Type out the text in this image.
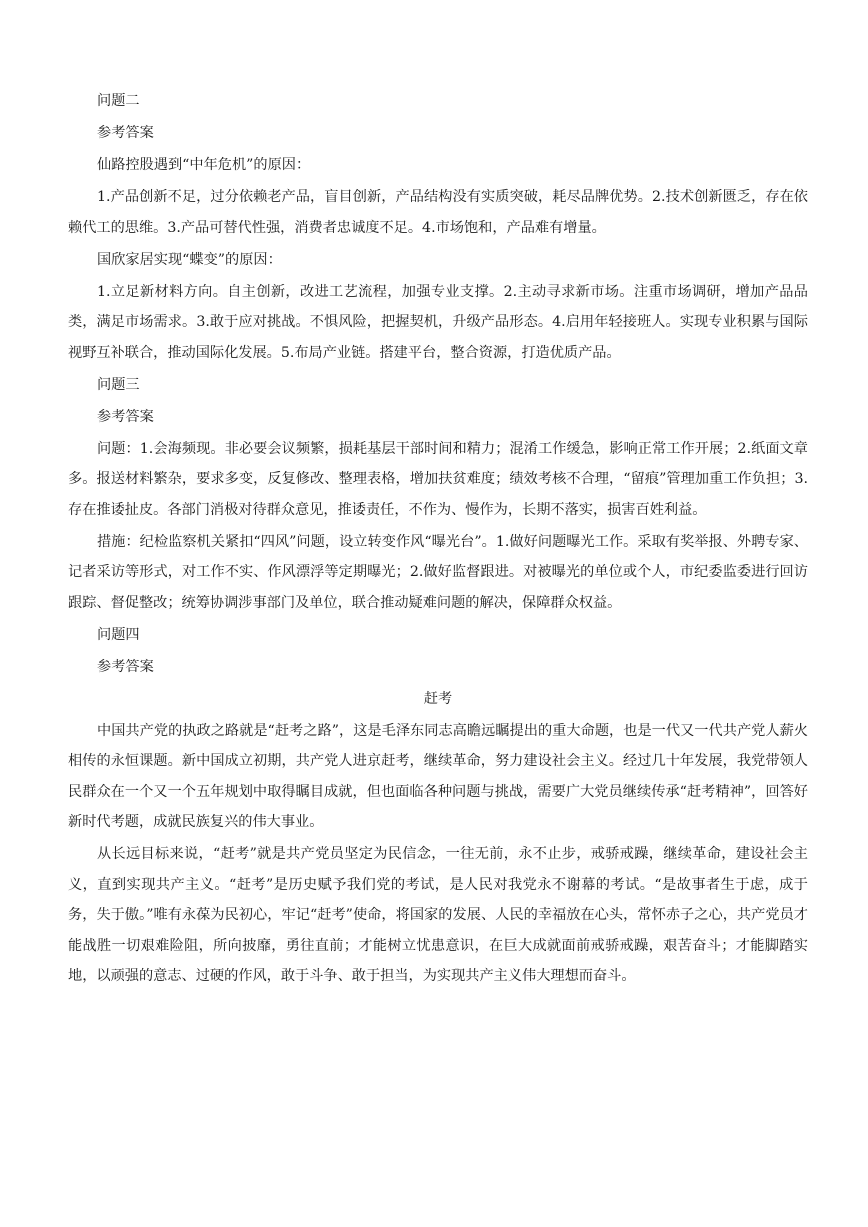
问题二

参考答案

仙路控股遇到“中年危机”的原因：

1.产品创新不足，过分依赖老产品，盲目创新，产品结构没有实质突破，耗尽品牌优势。2.技术创新匮乏，存在依赖代工的思维。3.产品可替代性强，消费者忠诚度不足。4.市场饱和，产品难有增量。

国欣家居实现“蝶变”的原因：

1.立足新材料方向。自主创新，改进工艺流程，加强专业支撑。2.主动寻求新市场。注重市场调研，增加产品品类，满足市场需求。3.敢于应对挑战。不惧风险，把握契机，升级产品形态。4.启用年轻接班人。实现专业积累与国际视野互补联合，推动国际化发展。5.布局产业链。搭建平台，整合资源，打造优质产品。

问题三

参考答案

问题：1.会海频现。非必要会议频繁，损耗基层干部时间和精力；混淆工作缓急，影响正常工作开展；2.纸面文章多。报送材料繁杂，要求多变，反复修改、整理表格，增加扶贫难度；绩效考核不合理，“留痕”管理加重工作负担；3.存在推诿扯皮。各部门消极对待群众意见，推诿责任，不作为、慢作为，长期不落实，损害百姓利益。

措施：纪检监察机关紧扣“四风”问题，设立转变作风“曝光台”。1.做好问题曝光工作。采取有奖举报、外聘专家、记者采访等形式，对工作不实、作风漂浮等定期曝光；2.做好监督跟进。对被曝光的单位或个人，市纪委监委进行回访跟踪、督促整改；统筹协调涉事部门及单位，联合推动疑难问题的解决，保障群众权益。

问题四

参考答案

赶考

中国共产党的执政之路就是“赶考之路”，这是毛泽东同志高瞻远瞩提出的重大命题，也是一代又一代共产党人薪火相传的永恒课题。新中国成立初期，共产党人进京赶考，继续革命，努力建设社会主义。经过几十年发展，我党带领人民群众在一个又一个五年规划中取得瞩目成就，但也面临各种问题与挑战，需要广大党员继续传承“赶考精神”，回答好新时代考题，成就民族复兴的伟大事业。

从长远目标来说，“赶考”就是共产党员坚定为民信念，一往无前，永不止步，戒骄戒躁，继续革命，建设社会主义，直到实现共产主义。“赶考”是历史赋予我们党的考试，是人民对我党永不谢幕的考试。“是故事者生于虑，成于务，失于傲。”唯有永葆为民初心，牢记“赶考”使命，将国家的发展、人民的幸福放在心头，常怀赤子之心，共产党员才能战胜一切艰难险阻，所向披靡，勇往直前；才能树立忧患意识，在巨大成就面前戒骄戒躁，艰苦奋斗；才能脚踏实地，以顽强的意志、过硬的作风，敢于斗争、敢于担当，为实现共产主义伟大理想而奋斗。
